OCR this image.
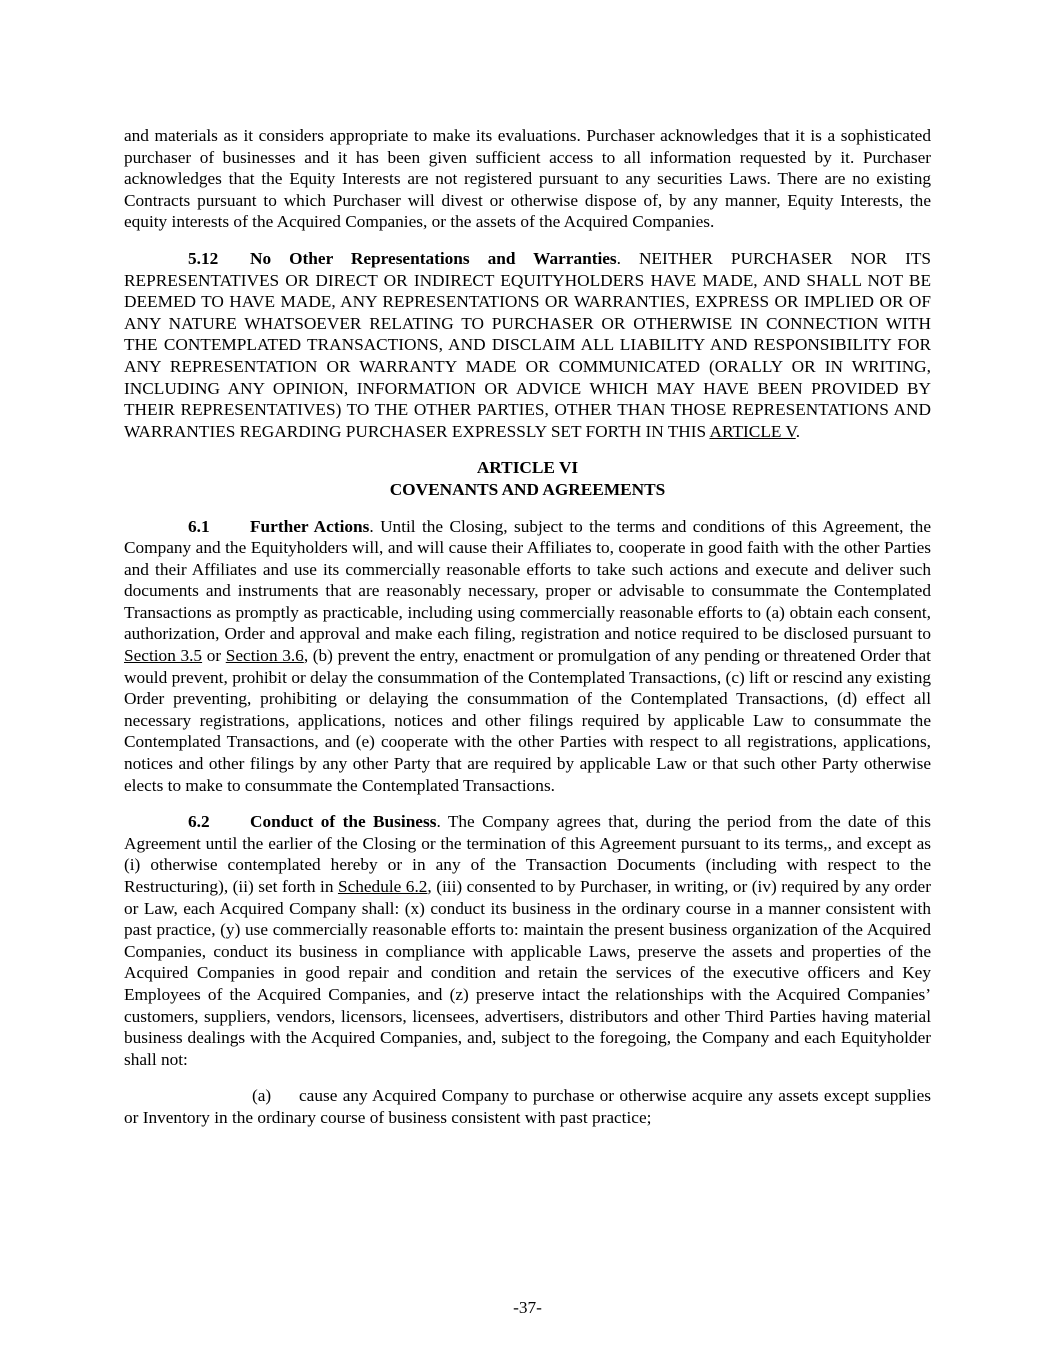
and materials as it considers appropriate to make its evaluations. Purchaser acknowledges that it is a sophisticated purchaser of businesses and it has been given sufficient access to all information requested by it. Purchaser acknowledges that the Equity Interests are not registered pursuant to any securities Laws. There are no existing Contracts pursuant to which Purchaser will divest or otherwise dispose of, by any manner, Equity Interests, the equity interests of the Acquired Companies, or the assets of the Acquired Companies.

5.12 No Other Representations and Warranties. NEITHER PURCHASER NOR ITS REPRESENTATIVES OR DIRECT OR INDIRECT EQUITYHOLDERS HAVE MADE, AND SHALL NOT BE DEEMED TO HAVE MADE, ANY REPRESENTATIONS OR WARRANTIES, EXPRESS OR IMPLIED OR OF ANY NATURE WHATSOEVER RELATING TO PURCHASER OR OTHERWISE IN CONNECTION WITH THE CONTEMPLATED TRANSACTIONS, AND DISCLAIM ALL LIABILITY AND RESPONSIBILITY FOR ANY REPRESENTATION OR WARRANTY MADE OR COMMUNICATED (ORALLY OR IN WRITING, INCLUDING ANY OPINION, INFORMATION OR ADVICE WHICH MAY HAVE BEEN PROVIDED BY THEIR REPRESENTATIVES) TO THE OTHER PARTIES, OTHER THAN THOSE REPRESENTATIONS AND WARRANTIES REGARDING PURCHASER EXPRESSLY SET FORTH IN THIS ARTICLE V.

ARTICLE VI
COVENANTS AND AGREEMENTS

6.1 Further Actions. Until the Closing, subject to the terms and conditions of this Agreement, the Company and the Equityholders will, and will cause their Affiliates to, cooperate in good faith with the other Parties and their Affiliates and use its commercially reasonable efforts to take such actions and execute and deliver such documents and instruments that are reasonably necessary, proper or advisable to consummate the Contemplated Transactions as promptly as practicable, including using commercially reasonable efforts to (a) obtain each consent, authorization, Order and approval and make each filing, registration and notice required to be disclosed pursuant to Section 3.5 or Section 3.6, (b) prevent the entry, enactment or promulgation of any pending or threatened Order that would prevent, prohibit or delay the consummation of the Contemplated Transactions, (c) lift or rescind any existing Order preventing, prohibiting or delaying the consummation of the Contemplated Transactions, (d) effect all necessary registrations, applications, notices and other filings required by applicable Law to consummate the Contemplated Transactions, and (e) cooperate with the other Parties with respect to all registrations, applications, notices and other filings by any other Party that are required by applicable Law or that such other Party otherwise elects to make to consummate the Contemplated Transactions.

6.2 Conduct of the Business. The Company agrees that, during the period from the date of this Agreement until the earlier of the Closing or the termination of this Agreement pursuant to its terms,, and except as (i) otherwise contemplated hereby or in any of the Transaction Documents (including with respect to the Restructuring), (ii) set forth in Schedule 6.2, (iii) consented to by Purchaser, in writing, or (iv) required by any order or Law, each Acquired Company shall: (x) conduct its business in the ordinary course in a manner consistent with past practice, (y) use commercially reasonable efforts to: maintain the present business organization of the Acquired Companies, conduct its business in compliance with applicable Laws, preserve the assets and properties of the Acquired Companies in good repair and condition and retain the services of the executive officers and Key Employees of the Acquired Companies, and (z) preserve intact the relationships with the Acquired Companies’ customers, suppliers, vendors, licensors, licensees, advertisers, distributors and other Third Parties having material business dealings with the Acquired Companies, and, subject to the foregoing, the Company and each Equityholder shall not:

(a) cause any Acquired Company to purchase or otherwise acquire any assets except supplies or Inventory in the ordinary course of business consistent with past practice;

-37-
